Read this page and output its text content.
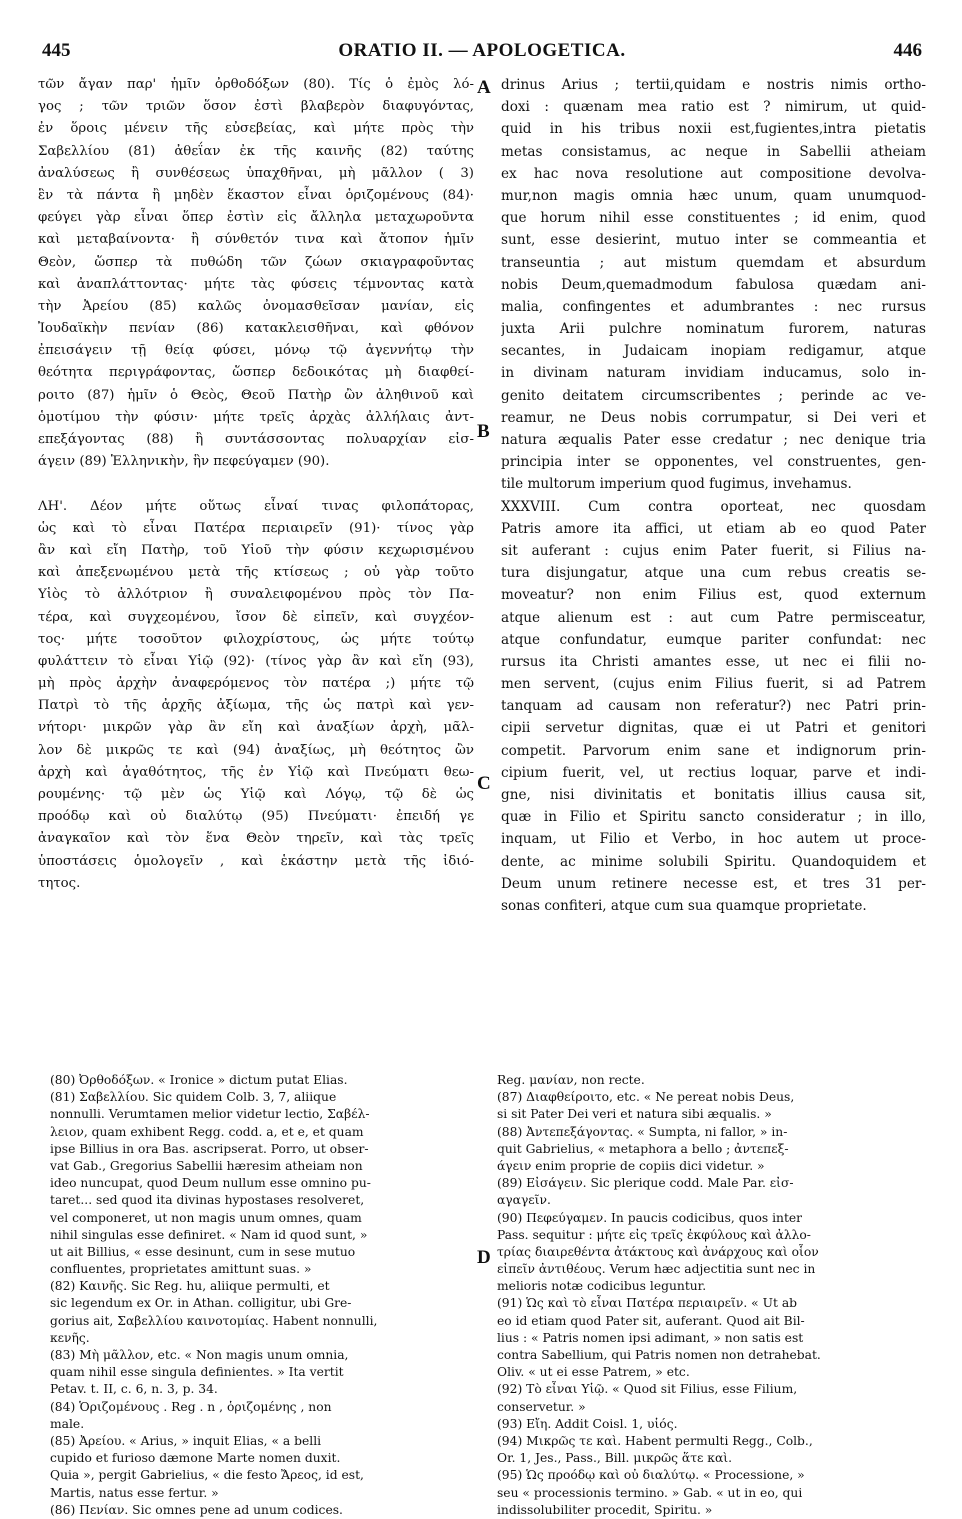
445	ORATIO II. — APOLOGETICA.	446
A
B
C
D
τῶν ἄγαν παρ' ἡμῖν ὀρθοδόξων (80). Τίς ὁ ἐμὸς λό-
γος ; τῶν τριῶν ὅσον ἐστὶ βλαβερὸν διαφυγόντας,
ἐν ὅροις μένειν τῆς εὐσεβείας, καὶ μήτε πρὸς τὴν
Σαβελλίου (81) ἀθεΐαν ἐκ τῆς καινῆς (82) ταύτης
ἀναλύσεως ἢ συνθέσεως ὑπαχθῆναι, μὴ μᾶλλον ( 3)
ἓν τὰ πάντα ἢ μηδὲν ἕκαστον εἶναι ὁριζομένους (84)·
φεύγει γὰρ εἶναι ὅπερ ἐστὶν εἰς ἄλληλα μεταχωροῦντα
καὶ μεταβαίνοντα· ἢ σύνθετόν τινα καὶ ἄτοπον ἡμῖν
Θεὸν, ὥσπερ τὰ πυθώδη τῶν ζώων σκιαγραφοῦντας
καὶ ἀναπλάττοντας· μήτε τὰς φύσεις τέμνοντας κατὰ
τὴν Ἀρείου (85) καλῶς ὀνομασθεῖσαν μανίαν, εἰς
Ἰουδαϊκὴν πενίαν (86) κατακλεισθῆναι, καὶ φθόνον
ἐπεισάγειν τῇ θείᾳ φύσει, μόνῳ τῷ ἀγεννήτῳ τὴν
θεότητα περιγράφοντας, ὥσπερ δεδοικότας μὴ διαφθεί-
ροιτο (87) ἡμῖν ὁ Θεὸς, Θεοῦ Πατὴρ ὢν ἀληθινοῦ καὶ
ὁμοτίμου τὴν φύσιν· μήτε τρεῖς ἀρχὰς ἀλλήλαις ἀντ-
επεξάγοντας (88) ἢ συντάσσοντας πολυαρχίαν εἰσ-
άγειν (89) Ἑλληνικὴν, ἣν πεφεύγαμεν (90).

ΛΗ'. Δέον μήτε οὕτως εἶναί τινας φιλοπάτορας,
ὡς καὶ τὸ εἶναι Πατέρα περιαιρεῖν (91)· τίνος γὰρ
ἂν καὶ εἴη Πατὴρ, τοῦ Υἱοῦ τὴν φύσιν κεχωρισμένου
καὶ ἀπεξενωμένου μετὰ τῆς κτίσεως ; οὐ γὰρ τοῦτο
Υἱὸς τὸ ἀλλότριον ἢ συναλειφομένου πρὸς τὸν Πα-
τέρα, καὶ συγχεομένου, ἴσον δὲ εἰπεῖν, καὶ συγχέον-
τος· μήτε τοσοῦτον φιλοχρίστους, ὡς μήτε τούτῳ
φυλάττειν τὸ εἶναι Υἱῷ (92)· (τίνος γὰρ ἂν καὶ εἴη (93),
μὴ πρὸς ἀρχὴν ἀναφερόμενος τὸν πατέρα ;) μήτε τῷ
Πατρὶ τὸ τῆς ἀρχῆς ἀξίωμα, τῆς ὡς πατρὶ καὶ γεν-
νήτορι· μικρῶν γὰρ ἂν εἴη καὶ ἀναξίων ἀρχὴ, μᾶλ-
λον δὲ μικρῶς τε καὶ (94) ἀναξίως, μὴ θεότητος ὢν
ἀρχὴ καὶ ἀγαθότητος, τῆς ἐν Υἱῷ καὶ Πνεύματι θεω-
ρουμένης· τῷ μὲν ὡς Υἱῷ καὶ Λόγῳ, τῷ δὲ ὡς
προόδῳ καὶ οὐ διαλύτῳ (95) Πνεύματι· ἐπειδή γε
ἀναγκαῖον καὶ τὸν ἕνα Θεὸν τηρεῖν, καὶ τὰς τρεῖς
ὑποστάσεις ὁμολογεῖν , καὶ ἑκάστην μετὰ τῆς ἰδιό-
τητος.
drinus Arius ; tertii,quidam e nostris nimis ortho-
doxi : quænam mea ratio est ? nimirum, ut quid-
quid in his tribus noxii est,fugientes,intra pietatis
metas consistamus, ac neque in Sabellii atheiam
ex hac nova resolutione aut compositione devolva-
mur,non magis omnia hæc unum, quam unumquod-
que horum nihil esse constituentes ; id enim, quod
sunt, esse desierint, mutuo inter se commeantia et
transeuntia ; aut mistum quemdam et absurdum
nobis Deum,quemadmodum fabulosa quædam ani-
malia, confingentes et adumbrantes : nec rursus
juxta Arii pulchre nominatum furorem, naturas
secantes, in Judaicam inopiam redigamur, atque
in divinam naturam invidiam inducamus, solo in-
genito deitatem circumscribentes ; perinde ac ve-
reamur, ne Deus nobis corrumpatur, si Dei veri et
natura æqualis Pater esse credatur ; nec denique tria
principia inter se opponentes, vel construentes, gen-
tile multorum imperium quod fugimus, invehamus.
XXXVIII. Cum contra oporteat, nec quosdam
Patris amore ita affici, ut etiam ab eo quod Pater
sit auferant : cujus enim Pater fuerit, si Filius na-
tura disjungatur, atque una cum rebus creatis se-
moveatur? non enim Filius est, quod externum
atque alienum est : aut cum Patre permisceatur,
atque confundatur, eumque pariter confundat: nec
rursus ita Christi amantes esse, ut nec ei filii no-
men servent, (cujus enim Filius fuerit, si ad Patrem
tanquam ad causam non referatur?) nec Patri prin-
cipii servetur dignitas, quæ ei ut Patri et genitori
competit. Parvorum enim sane et indignorum prin-
cipium fuerit, vel, ut rectius loquar, parve et indi-
gne, nisi divinitatis et bonitatis illius causa sit,
quæ in Filio et Spiritu sancto consideratur ; in illo,
inquam, ut Filio et Verbo, in hoc autem ut proce-
dente, ac minime solubili Spiritu. Quandoquidem et
Deum unum retinere necesse est, et tres 31 per-
sonas confiteri, atque cum sua quamque proprietate.
(80) Ὀρθοδόξων. « Ironice » dictum putat Elias.
(81) Σαβελλίου. Sic quidem Colb. 3, 7, aliique
nonnulli. Verumtamen melior videtur lectio, Σαβέλ-
λειον, quam exhibent Regg. codd. a, et e, et quam
ipse Billius in ora Bas. ascripserat. Porro, ut obser-
vat Gab., Gregorius Sabellii hæresim atheiam non
ideo nuncupat, quod Deum nullum esse omnino pu-
taret... sed quod ita divinas hypostases resolveret,
vel componeret, ut non magis unum omnes, quam
nihil singulas esse definiret. « Nam id quod sunt, »
ut ait Billius, « esse desinunt, cum in sese mutuo
confluentes, proprietates amittunt suas. »
(82) Καινῆς. Sic Reg. hu, aliique permulti, et
sic legendum ex Or. in Athan. colligitur, ubi Gre-
gorius ait, Σαβελλίου καινοτομίας. Habent nonnulli,
κενῆς.
(83) Μὴ μᾶλλον, etc. « Non magis unum omnia,
quam nihil esse singula definientes. » Ita vertit
Petav. t. II, c. 6, n. 3, p. 34.
(84) Ὁριζομένους . Reg . n , ὁριζομένης , non
male.
(85) Ἀρείου. « Arius, » inquit Elias, « a belli
cupido et furioso dæmone Marte nomen duxit.
Quia », pergit Gabrielius, « die festo Ἄρεος, id est,
Martis, natus esse fertur. »
(86) Πενίαν. Sic omnes pene ad unum codices.
Reg. μανίαν, non recte.
(87) Διαφθείροιτο, etc. « Ne pereat nobis Deus,
si sit Pater Dei veri et natura sibi æqualis. »
(88) Ἀντεπεξάγοντας. « Sumpta, ni fallor, » in-
quit Gabrielius, « metaphora a bello ; ἀντεπεξ-
άγειν enim proprie de copiis dici videtur. »
(89) Εἰσάγειν. Sic plerique codd. Male Par. εἰσ-
αγαγεῖν.
(90) Πεφεύγαμεν. In paucis codicibus, quos inter
Pass. sequitur : μήτε εἰς τρεῖς ἐκφύλους καὶ ἀλλο-
τρίας διαιρεθέντα ἀτάκτους καὶ ἀνάρχους καὶ οἷον
εἰπεῖν ἀντιθέους. Verum hæc adjectitia sunt nec in
melioris notæ codicibus leguntur.
(91) Ὡς καὶ τὸ εἶναι Πατέρα περιαιρεῖν. « Ut ab
eo id etiam quod Pater sit, auferant. Quod ait Bil-
lius : « Patris nomen ipsi adimant, » non satis est
contra Sabellium, qui Patris nomen non detrahebat.
Oliv. « ut ei esse Patrem, » etc.
(92) Τὸ εἶναι Υἱῷ. « Quod sit Filius, esse Filium,
conservetur. »
(93) Εἴη. Addit Coisl. 1, υἱός.
(94) Μικρῶς τε καὶ. Habent permulti Regg., Colb.,
Or. 1, Jes., Pass., Bill. μικρῶς ἅτε καὶ.
(95) Ὡς προόδῳ καὶ οὐ διαλύτῳ. « Processione, »
seu « processionis termino. » Gab. « ut in eo, qui
indissolubiliter procedit, Spiritu. »
